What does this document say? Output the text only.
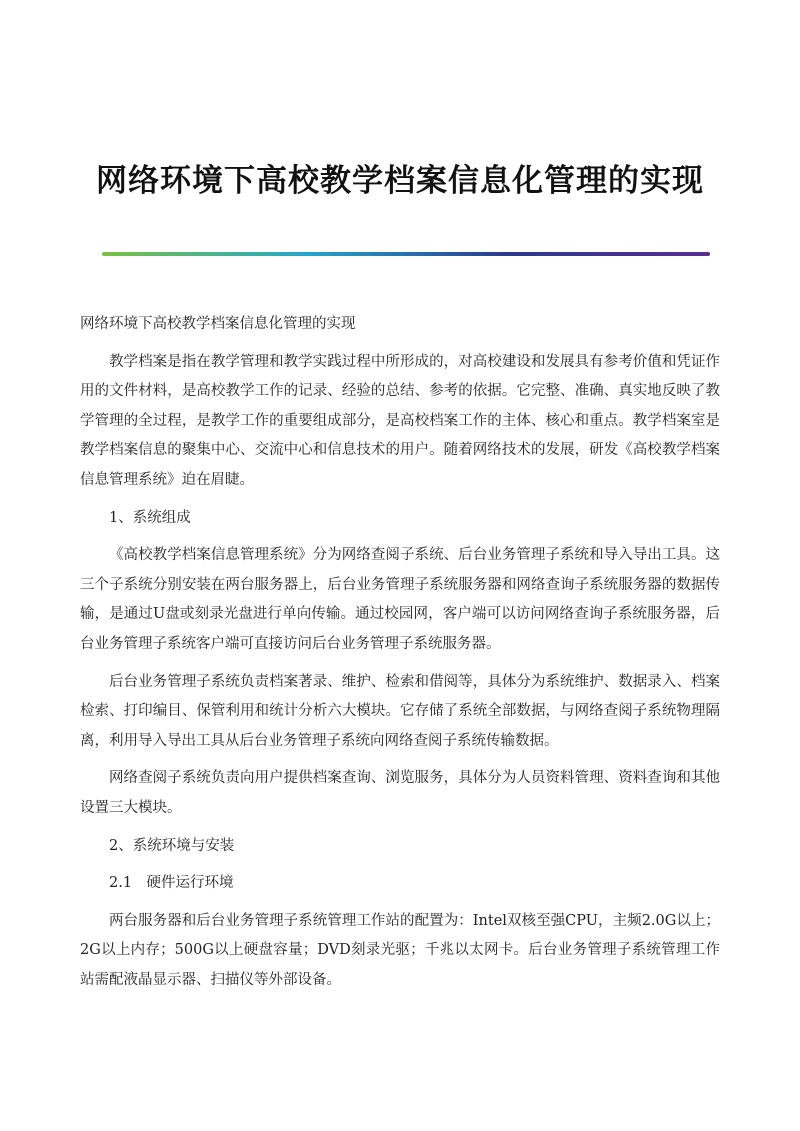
网络环境下高校教学档案信息化管理的实现

网络环境下高校教学档案信息化管理的实现

教学档案是指在教学管理和教学实践过程中所形成的，对高校建设和发展具有参考价值和凭证作用的文件材料，是高校教学工作的记录、经验的总结、参考的依据。它完整、准确、真实地反映了教学管理的全过程，是教学工作的重要组成部分，是高校档案工作的主体、核心和重点。教学档案室是教学档案信息的聚集中心、交流中心和信息技术的用户。随着网络技术的发展，研发《高校教学档案信息管理系统》迫在眉睫。

1、系统组成

《高校教学档案信息管理系统》分为网络查阅子系统、后台业务管理子系统和导入导出工具。这三个子系统分别安装在两台服务器上，后台业务管理子系统服务器和网络查询子系统服务器的数据传输，是通过U盘或刻录光盘进行单向传输。通过校园网，客户端可以访问网络查询子系统服务器，后台业务管理子系统客户端可直接访问后台业务管理子系统服务器。

后台业务管理子系统负责档案著录、维护、检索和借阅等，具体分为系统维护、数据录入、档案检索、打印编目、保管利用和统计分析六大模块。它存储了系统全部数据，与网络查阅子系统物理隔离，利用导入导出工具从后台业务管理子系统向网络查阅子系统传输数据。

网络查阅子系统负责向用户提供档案查询、浏览服务，具体分为人员资料管理、资料查询和其他设置三大模块。

2、系统环境与安装

2.1　硬件运行环境

两台服务器和后台业务管理子系统管理工作站的配置为：Intel双核至强CPU，主频2.0G以上；2G以上内存；500G以上硬盘容量；DVD刻录光驱；千兆以太网卡。后台业务管理子系统管理工作站需配液晶显示器、扫描仪等外部设备。
